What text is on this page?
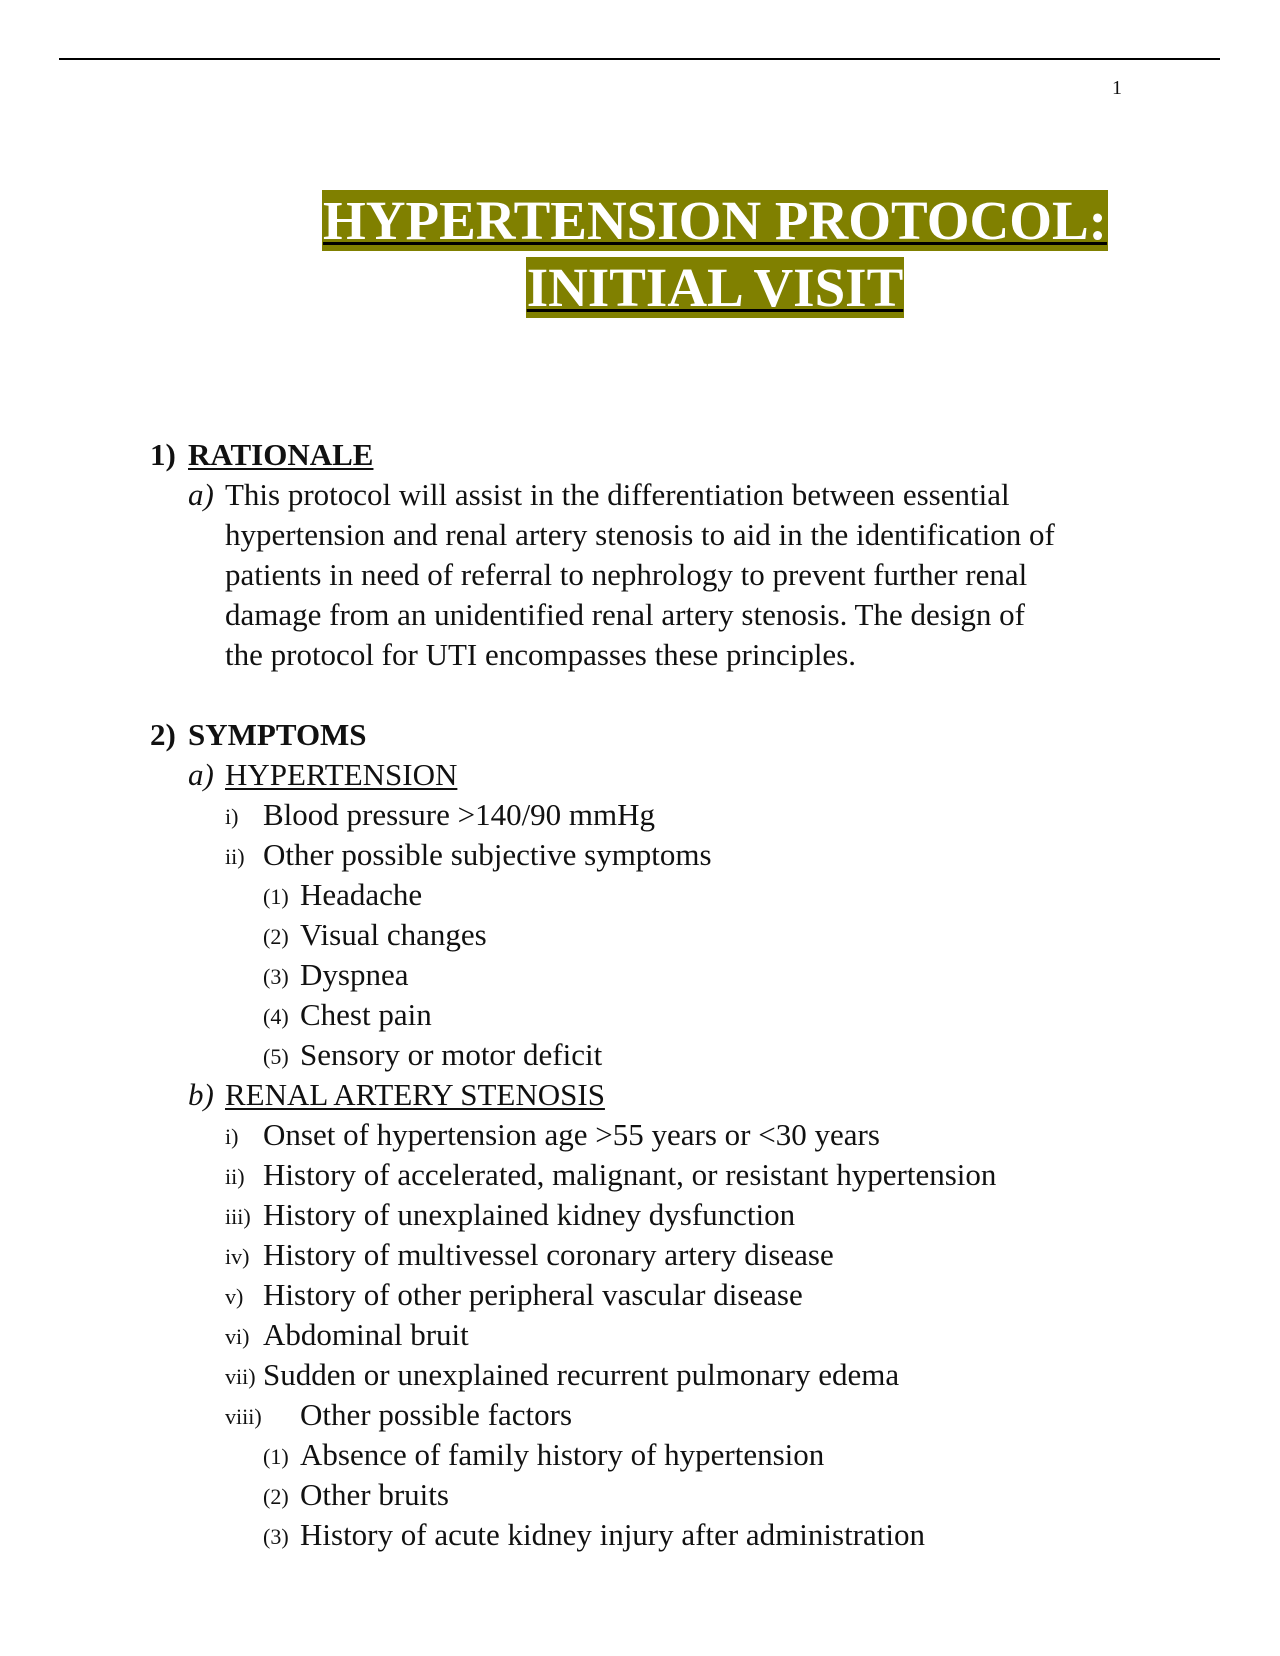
1
HYPERTENSION PROTOCOL:
INITIAL VISIT
1) RATIONALE
a) This protocol will assist in the differentiation between essential
hypertension and renal artery stenosis to aid in the identification of
patients in need of referral to nephrology to prevent further renal
damage from an unidentified renal artery stenosis. The design of
the protocol for UTI encompasses these principles.
2) SYMPTOMS
a) HYPERTENSION
i) Blood pressure >140/90 mmHg
ii) Other possible subjective symptoms
(1) Headache
(2) Visual changes
(3) Dyspnea
(4) Chest pain
(5) Sensory or motor deficit
b) RENAL ARTERY STENOSIS
i) Onset of hypertension age >55 years or <30 years
ii) History of accelerated, malignant, or resistant hypertension
iii) History of unexplained kidney dysfunction
iv) History of multivessel coronary artery disease
v) History of other peripheral vascular disease
vi) Abdominal bruit
vii) Sudden or unexplained recurrent pulmonary edema
viii) Other possible factors
(1) Absence of family history of hypertension
(2) Other bruits
(3) History of acute kidney injury after administration
